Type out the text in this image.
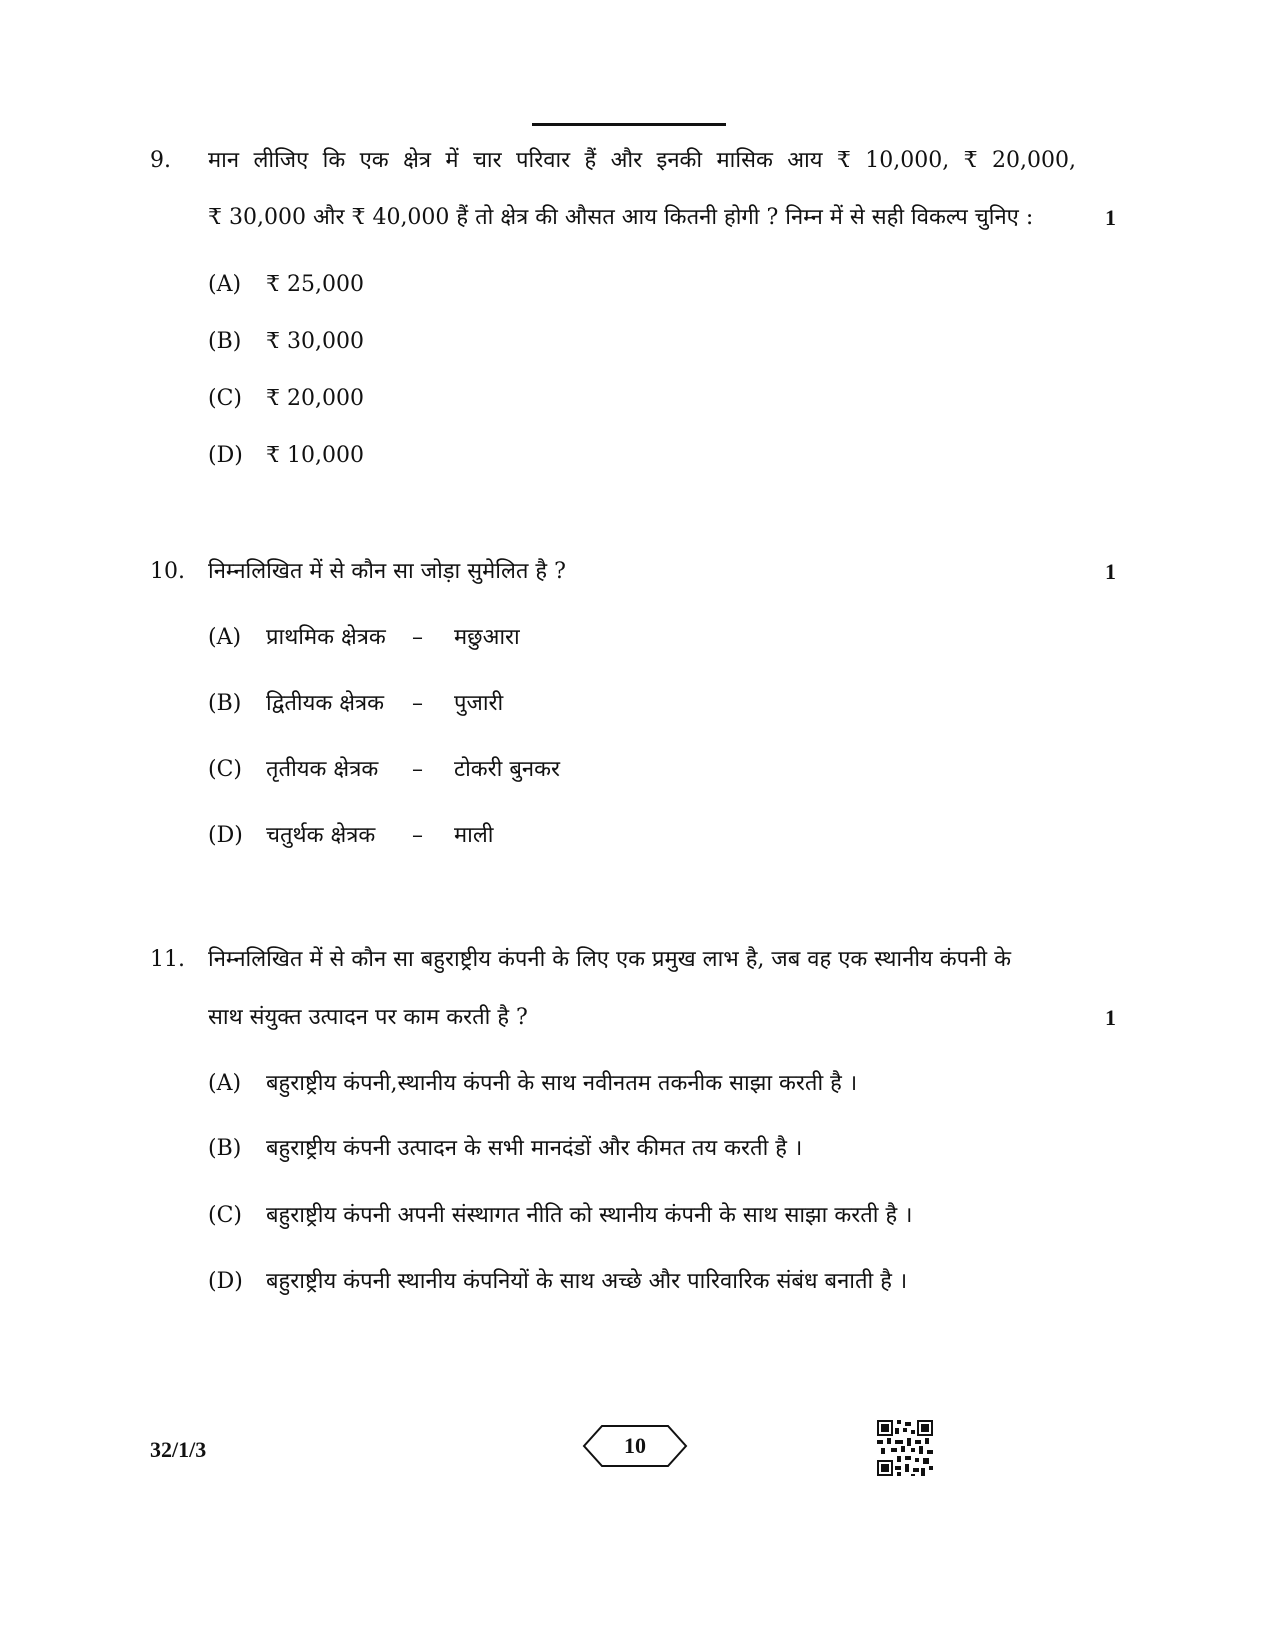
9. मान लीजिए कि एक क्षेत्र में चार परिवार हैं और इनकी मासिक आय ₹ 10,000, ₹ 20,000,
₹ 30,000 और ₹ 40,000 हैं तो क्षेत्र की औसत आय कितनी होगी ? निम्न में से सही विकल्प चुनिए :	1
(A) ₹ 25,000
(B) ₹ 30,000
(C) ₹ 20,000
(D) ₹ 10,000
10. निम्नलिखित में से कौन सा जोड़ा सुमेलित है ?	1
(A) प्राथमिक क्षेत्रक – मछुआरा
(B) द्वितीयक क्षेत्रक – पुजारी
(C) तृतीयक क्षेत्रक – टोकरी बुनकर
(D) चतुर्थक क्षेत्रक – माली
11. निम्नलिखित में से कौन सा बहुराष्ट्रीय कंपनी के लिए एक प्रमुख लाभ है, जब वह एक स्थानीय कंपनी के
साथ संयुक्त उत्पादन पर काम करती है ?	1
(A) बहुराष्ट्रीय कंपनी,स्थानीय कंपनी के साथ नवीनतम तकनीक साझा करती है ।
(B) बहुराष्ट्रीय कंपनी उत्पादन के सभी मानदंडों और कीमत तय करती है ।
(C) बहुराष्ट्रीय कंपनी अपनी संस्थागत नीति को स्थानीय कंपनी के साथ साझा करती है ।
(D) बहुराष्ट्रीय कंपनी स्थानीय कंपनियों के साथ अच्छे और पारिवारिक संबंध बनाती है ।
32/1/3	10
